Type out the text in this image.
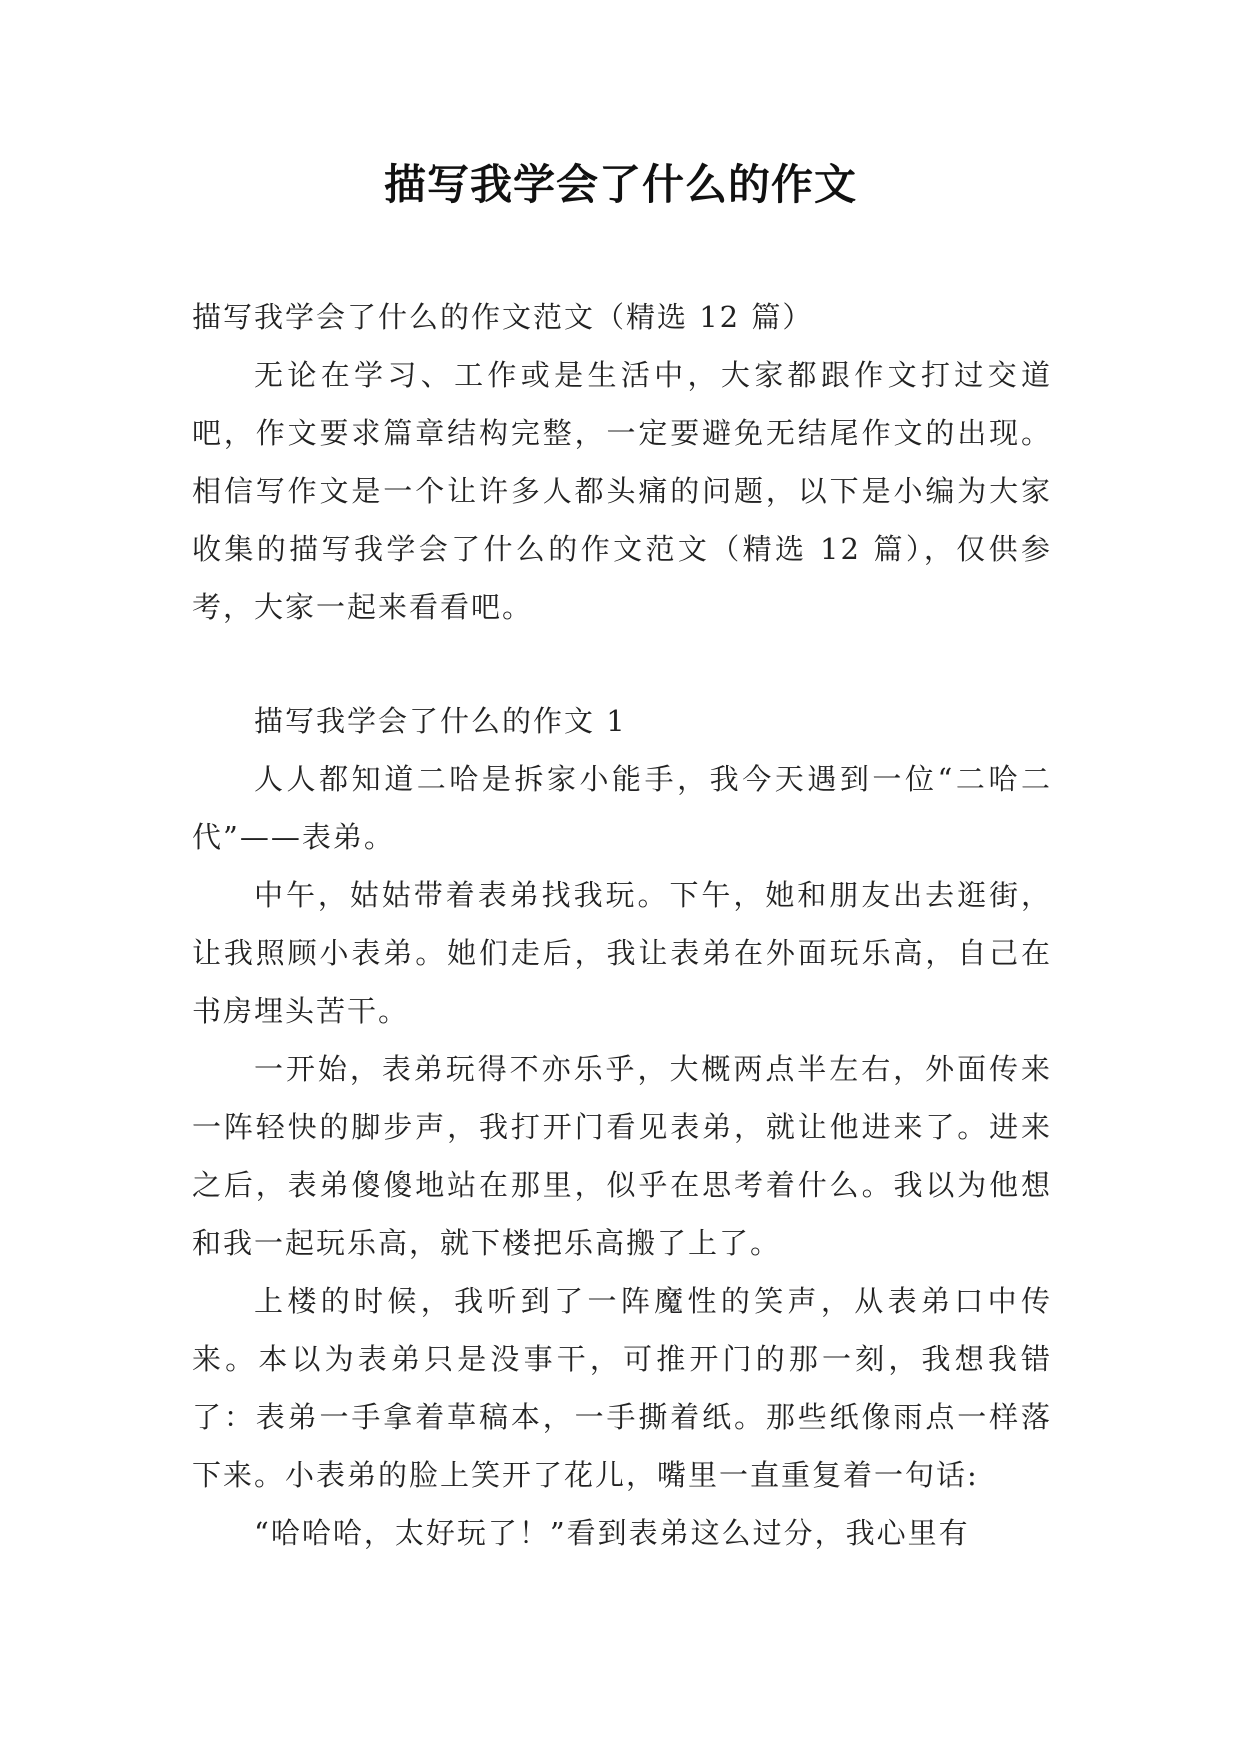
描写我学会了什么的作文

描写我学会了什么的作文范文（精选 12 篇）

无论在学习、工作或是生活中，大家都跟作文打过交道吧，作文要求篇章结构完整，一定要避免无结尾作文的出现。相信写作文是一个让许多人都头痛的问题，以下是小编为大家收集的描写我学会了什么的作文范文（精选 12 篇），仅供参考，大家一起来看看吧。

描写我学会了什么的作文 1

人人都知道二哈是拆家小能手，我今天遇到一位“二哈二代”——表弟。

中午，姑姑带着表弟找我玩。下午，她和朋友出去逛街，让我照顾小表弟。她们走后，我让表弟在外面玩乐高，自己在书房埋头苦干。

一开始，表弟玩得不亦乐乎，大概两点半左右，外面传来一阵轻快的脚步声，我打开门看见表弟，就让他进来了。进来之后，表弟傻傻地站在那里，似乎在思考着什么。我以为他想和我一起玩乐高，就下楼把乐高搬了上了。

上楼的时候，我听到了一阵魔性的笑声，从表弟口中传来。本以为表弟只是没事干，可推开门的那一刻，我想我错了：表弟一手拿着草稿本，一手撕着纸。那些纸像雨点一样落下来。小表弟的脸上笑开了花儿，嘴里一直重复着一句话:

“哈哈哈，太好玩了！”看到表弟这么过分，我心里有
